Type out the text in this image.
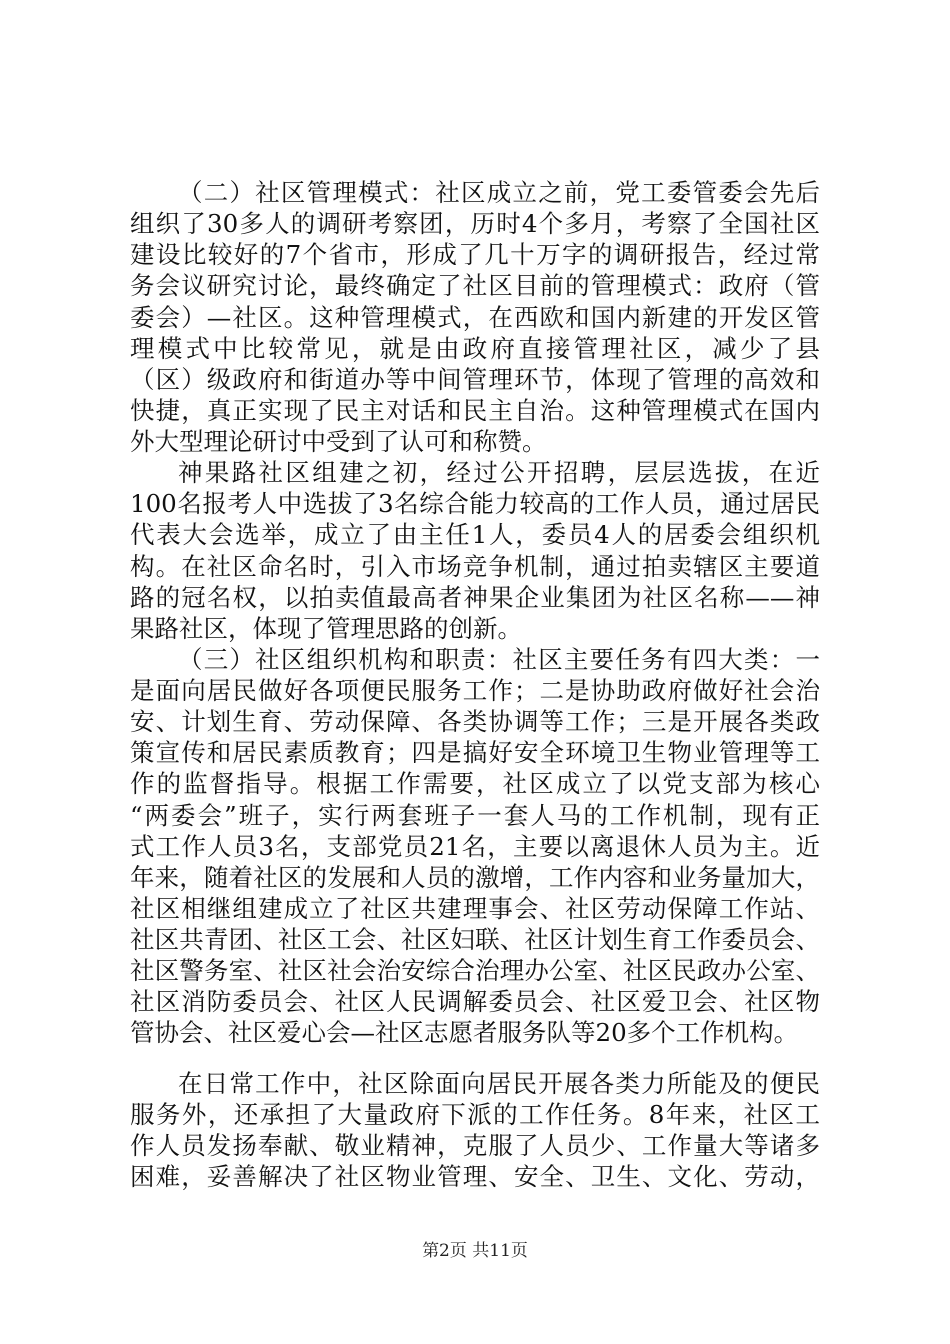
（二）社区管理模式：社区成立之前，党工委管委会先后
组织了30多人的调研考察团，历时4个多月，考察了全国社区
建设比较好的7个省市，形成了几十万字的调研报告，经过常
务会议研究讨论，最终确定了社区目前的管理模式：政府（管
委会）—社区。这种管理模式，在西欧和国内新建的开发区管
理模式中比较常见，就是由政府直接管理社区，减少了县
（区）级政府和街道办等中间管理环节，体现了管理的高效和
快捷，真正实现了民主对话和民主自治。这种管理模式在国内
外大型理论研讨中受到了认可和称赞。
神果路社区组建之初，经过公开招聘，层层选拔，在近
100名报考人中选拔了3名综合能力较高的工作人员，通过居民
代表大会选举，成立了由主任1人，委员4人的居委会组织机
构。在社区命名时，引入市场竞争机制，通过拍卖辖区主要道
路的冠名权，以拍卖值最高者神果企业集团为社区名称——神
果路社区，体现了管理思路的创新。
（三）社区组织机构和职责：社区主要任务有四大类：一
是面向居民做好各项便民服务工作；二是协助政府做好社会治
安、计划生育、劳动保障、各类协调等工作；三是开展各类政
策宣传和居民素质教育；四是搞好安全环境卫生物业管理等工
作的监督指导。根据工作需要，社区成立了以党支部为核心
“两委会”班子，实行两套班子一套人马的工作机制，现有正
式工作人员3名，支部党员21名，主要以离退休人员为主。近
年来，随着社区的发展和人员的激增，工作内容和业务量加大，
社区相继组建成立了社区共建理事会、社区劳动保障工作站、
社区共青团、社区工会、社区妇联、社区计划生育工作委员会、
社区警务室、社区社会治安综合治理办公室、社区民政办公室、
社区消防委员会、社区人民调解委员会、社区爱卫会、社区物
管协会、社区爱心会—社区志愿者服务队等20多个工作机构。
在日常工作中，社区除面向居民开展各类力所能及的便民
服务外，还承担了大量政府下派的工作任务。8年来，社区工
作人员发扬奉献、敬业精神，克服了人员少、工作量大等诸多
困难，妥善解决了社区物业管理、安全、卫生、文化、劳动，
第2页 共11页
